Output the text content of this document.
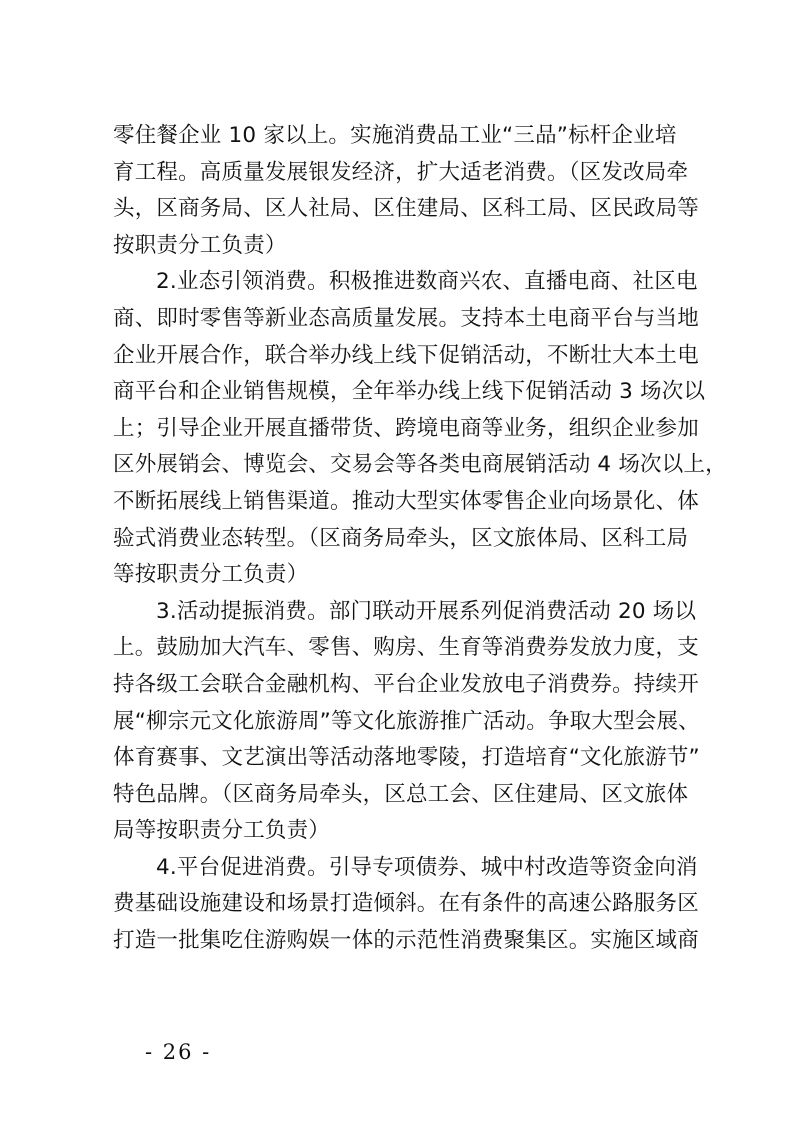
零住餐企业 10 家以上。实施消费品工业“三品”标杆企业培
育工程。高质量发展银发经济，扩大适老消费。（区发改局牵
头，区商务局、区人社局、区住建局、区科工局、区民政局等
按职责分工负责）
2.业态引领消费。积极推进数商兴农、直播电商、社区电
商、即时零售等新业态高质量发展。支持本土电商平台与当地
企业开展合作，联合举办线上线下促销活动，不断壮大本土电
商平台和企业销售规模，全年举办线上线下促销活动 3 场次以
上；引导企业开展直播带货、跨境电商等业务，组织企业参加
区外展销会、博览会、交易会等各类电商展销活动 4 场次以上，
不断拓展线上销售渠道。推动大型实体零售企业向场景化、体
验式消费业态转型。（区商务局牵头，区文旅体局、区科工局
等按职责分工负责）
3.活动提振消费。部门联动开展系列促消费活动 20 场以
上。鼓励加大汽车、零售、购房、生育等消费券发放力度，支
持各级工会联合金融机构、平台企业发放电子消费券。持续开
展“柳宗元文化旅游周”等文化旅游推广活动。争取大型会展、
体育赛事、文艺演出等活动落地零陵，打造培育“文化旅游节”
特色品牌。（区商务局牵头，区总工会、区住建局、区文旅体
局等按职责分工负责）
4.平台促进消费。引导专项债券、城中村改造等资金向消
费基础设施建设和场景打造倾斜。在有条件的高速公路服务区
打造一批集吃住游购娱一体的示范性消费聚集区。实施区域商
- 26 -
